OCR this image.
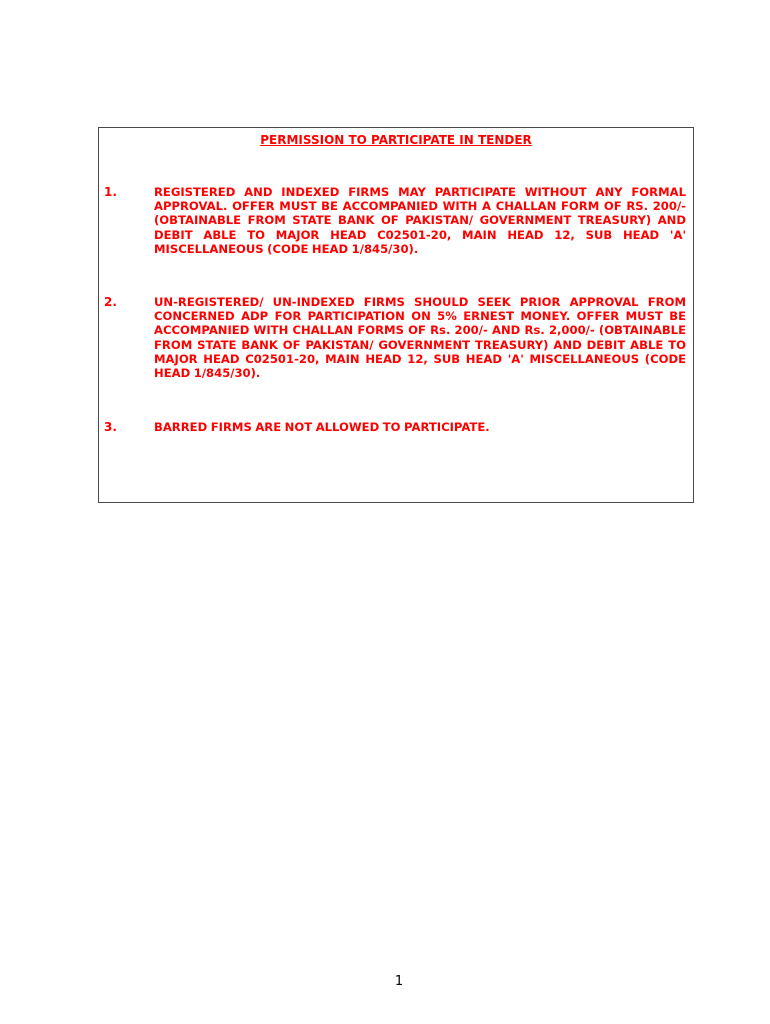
PERMISSION TO PARTICIPATE IN TENDER
1.	REGISTERED AND INDEXED FIRMS MAY PARTICIPATE WITHOUT ANY FORMAL APPROVAL. OFFER MUST BE ACCOMPANIED WITH A CHALLAN FORM OF RS. 200/- (OBTAINABLE FROM STATE BANK OF PAKISTAN/ GOVERNMENT TREASURY) AND DEBIT ABLE TO MAJOR HEAD C02501-20, MAIN HEAD 12, SUB HEAD 'A' MISCELLANEOUS (CODE HEAD 1/845/30).
2.	UN-REGISTERED/ UN-INDEXED FIRMS SHOULD SEEK PRIOR APPROVAL FROM CONCERNED ADP FOR PARTICIPATION ON 5% ERNEST MONEY. OFFER MUST BE ACCOMPANIED WITH CHALLAN FORMS OF Rs. 200/- AND Rs. 2,000/- (OBTAINABLE FROM STATE BANK OF PAKISTAN/ GOVERNMENT TREASURY) AND DEBIT ABLE TO MAJOR HEAD C02501-20, MAIN HEAD 12, SUB HEAD 'A' MISCELLANEOUS (CODE HEAD 1/845/30).
3.	BARRED FIRMS ARE NOT ALLOWED TO PARTICIPATE.
1
